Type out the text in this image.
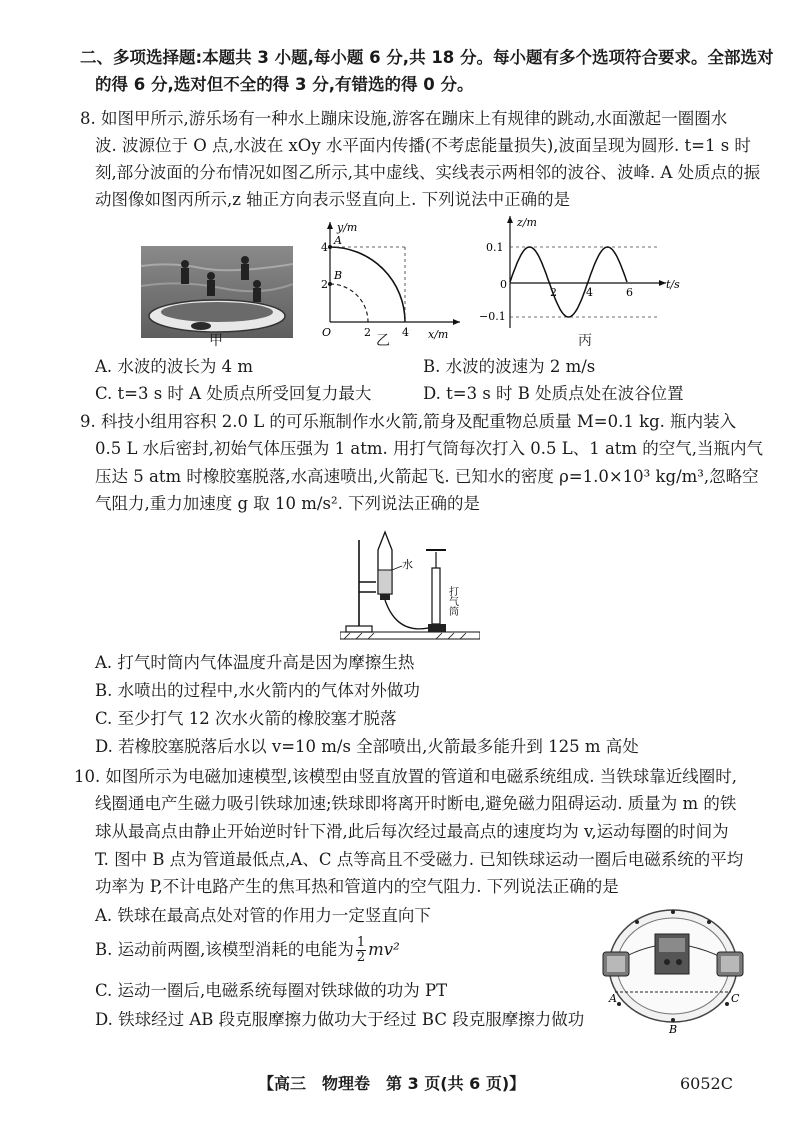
二、多项选择题:本题共 3 小题,每小题 6 分,共 18 分。每小题有多个选项符合要求。全部选对
的得 6 分,选对但不全的得 3 分,有错选的得 0 分。
8. 如图甲所示,游乐场有一种水上蹦床设施,游客在蹦床上有规律的跳动,水面激起一圈圈水
波. 波源位于 O 点,水波在 xOy 水平面内传播(不考虑能量损失),波面呈现为圆形. t=1 s 时
刻,部分波面的分布情况如图乙所示,其中虚线、实线表示两相邻的波谷、波峰. A 处质点的振
动图像如图丙所示,z 轴正方向表示竖直向上. 下列说法中正确的是
甲
y/m
x/m
O	2	4
2
4
A
B
乙
z/m
t/s
0
2	4	6
0.1
−0.1
丙
A. 水波的波长为 4 m	B. 水波的波速为 2 m/s
C. t=3 s 时 A 处质点所受回复力最大	D. t=3 s 时 B 处质点处在波谷位置
9. 科技小组用容积 2.0 L 的可乐瓶制作水火箭,箭身及配重物总质量 M=0.1 kg. 瓶内装入
0.5 L 水后密封,初始气体压强为 1 atm. 用打气筒每次打入 0.5 L、1 atm 的空气,当瓶内气
压达 5 atm 时橡胶塞脱落,水高速喷出,火箭起飞. 已知水的密度 ρ=1.0×10³ kg/m³,忽略空
气阻力,重力加速度 g 取 10 m/s². 下列说法正确的是
水
打气筒
A. 打气时筒内气体温度升高是因为摩擦生热
B. 水喷出的过程中,水火箭内的气体对外做功
C. 至少打气 12 次水火箭的橡胶塞才脱落
D. 若橡胶塞脱落后水以 v=10 m/s 全部喷出,火箭最多能升到 125 m 高处
10. 如图所示为电磁加速模型,该模型由竖直放置的管道和电磁系统组成. 当铁球靠近线圈时,
线圈通电产生磁力吸引铁球加速;铁球即将离开时断电,避免磁力阻碍运动. 质量为 m 的铁
球从最高点由静止开始逆时针下滑,此后每次经过最高点的速度均为 v,运动每圈的时间为
T. 图中 B 点为管道最低点,A、C 点等高且不受磁力. 已知铁球运动一圈后电磁系统的平均
功率为 P,不计电路产生的焦耳热和管道内的空气阻力. 下列说法正确的是
A. 铁球在最高点处对管的作用力一定竖直向下
B. 运动前两圈,该模型消耗的电能为 $\frac{1}{2} mv^2$
C. 运动一圈后,电磁系统每圈对铁球做的功为 PT
D. 铁球经过 AB 段克服摩擦力做功大于经过 BC 段克服摩擦力做功
A	C
B
【高三　物理卷　第 3 页(共 6 页)】	6052C
